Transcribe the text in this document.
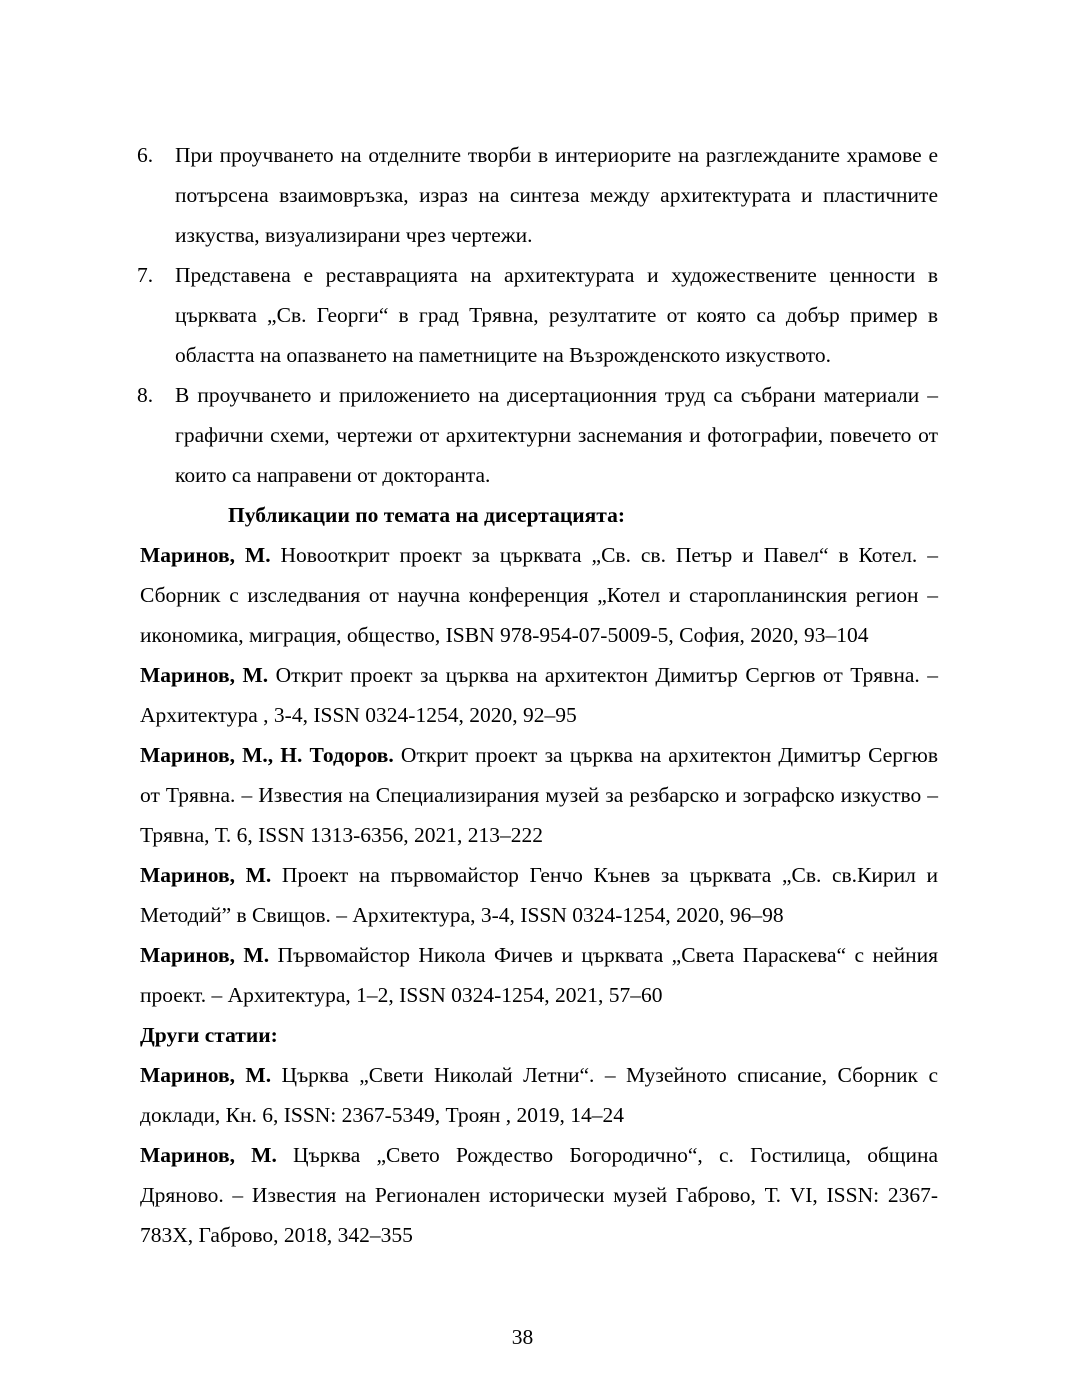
6. При проучването на отделните творби в интериорите на разглежданите храмове е потърсена взаимовръзка, израз на синтеза между архитектурата и пластичните изкуства, визуализирани чрез чертежи.
7. Представена е реставрацията на архитектурата и художествените ценности в църквата „Св. Георги“ в град Трявна, резултатите от която са добър пример в областта на опазването на паметниците на Възрожденското изкуството.
8. В проучването и приложението на дисертационния труд са събрани материали – графични схеми, чертежи от архитектурни заснемания и фотографии, повечето от които са направени от докторанта.
Публикации по темата на дисертацията:

Маринов, М. Новооткрит проект за църквата „Св. св. Петър и Павел“ в Котел. – Сборник с изследвания от научна конференция „Котел и старопланинския регион – икономика, миграция, общество, ISBN 978-954-07-5009-5, София, 2020, 93–104

Маринов, М. Открит проект за църква на архитектон Димитър Сергюв от Трявна. – Архитектура , 3-4, ISSN 0324-1254, 2020, 92–95

Маринов, М., Н. Тодоров. Открит проект за църква на архитектон Димитър Сергюв от Трявна. – Известия на Специализирания музей за резбарско и зографско изкуство – Трявна, Т. 6, ISSN 1313-6356, 2021, 213–222

Маринов, М. Проект на първомайстор Генчо Кънев за църквата „Св. св.Кирил и Методий” в Свищов. – Архитектура, 3-4, ISSN 0324-1254, 2020, 96–98

Маринов, М. Първомайстор Никола Фичев и църквата „Света Параскева“ с нейния проект. – Архитектура, 1–2, ISSN 0324-1254, 2021, 57–60

Други статии:

Маринов, М. Църква „Свети Николай Летни“. – Музейното списание, Сборник с доклади, Кн. 6, ISSN: 2367-5349, Троян , 2019, 14–24

Маринов, М. Църква „Свето Рождество Богородично“, с. Гостилица, община Дряново. – Известия на Регионален исторически музей Габрово, Т. VI, ISSN: 2367-783X, Габрово, 2018, 342–355

38
